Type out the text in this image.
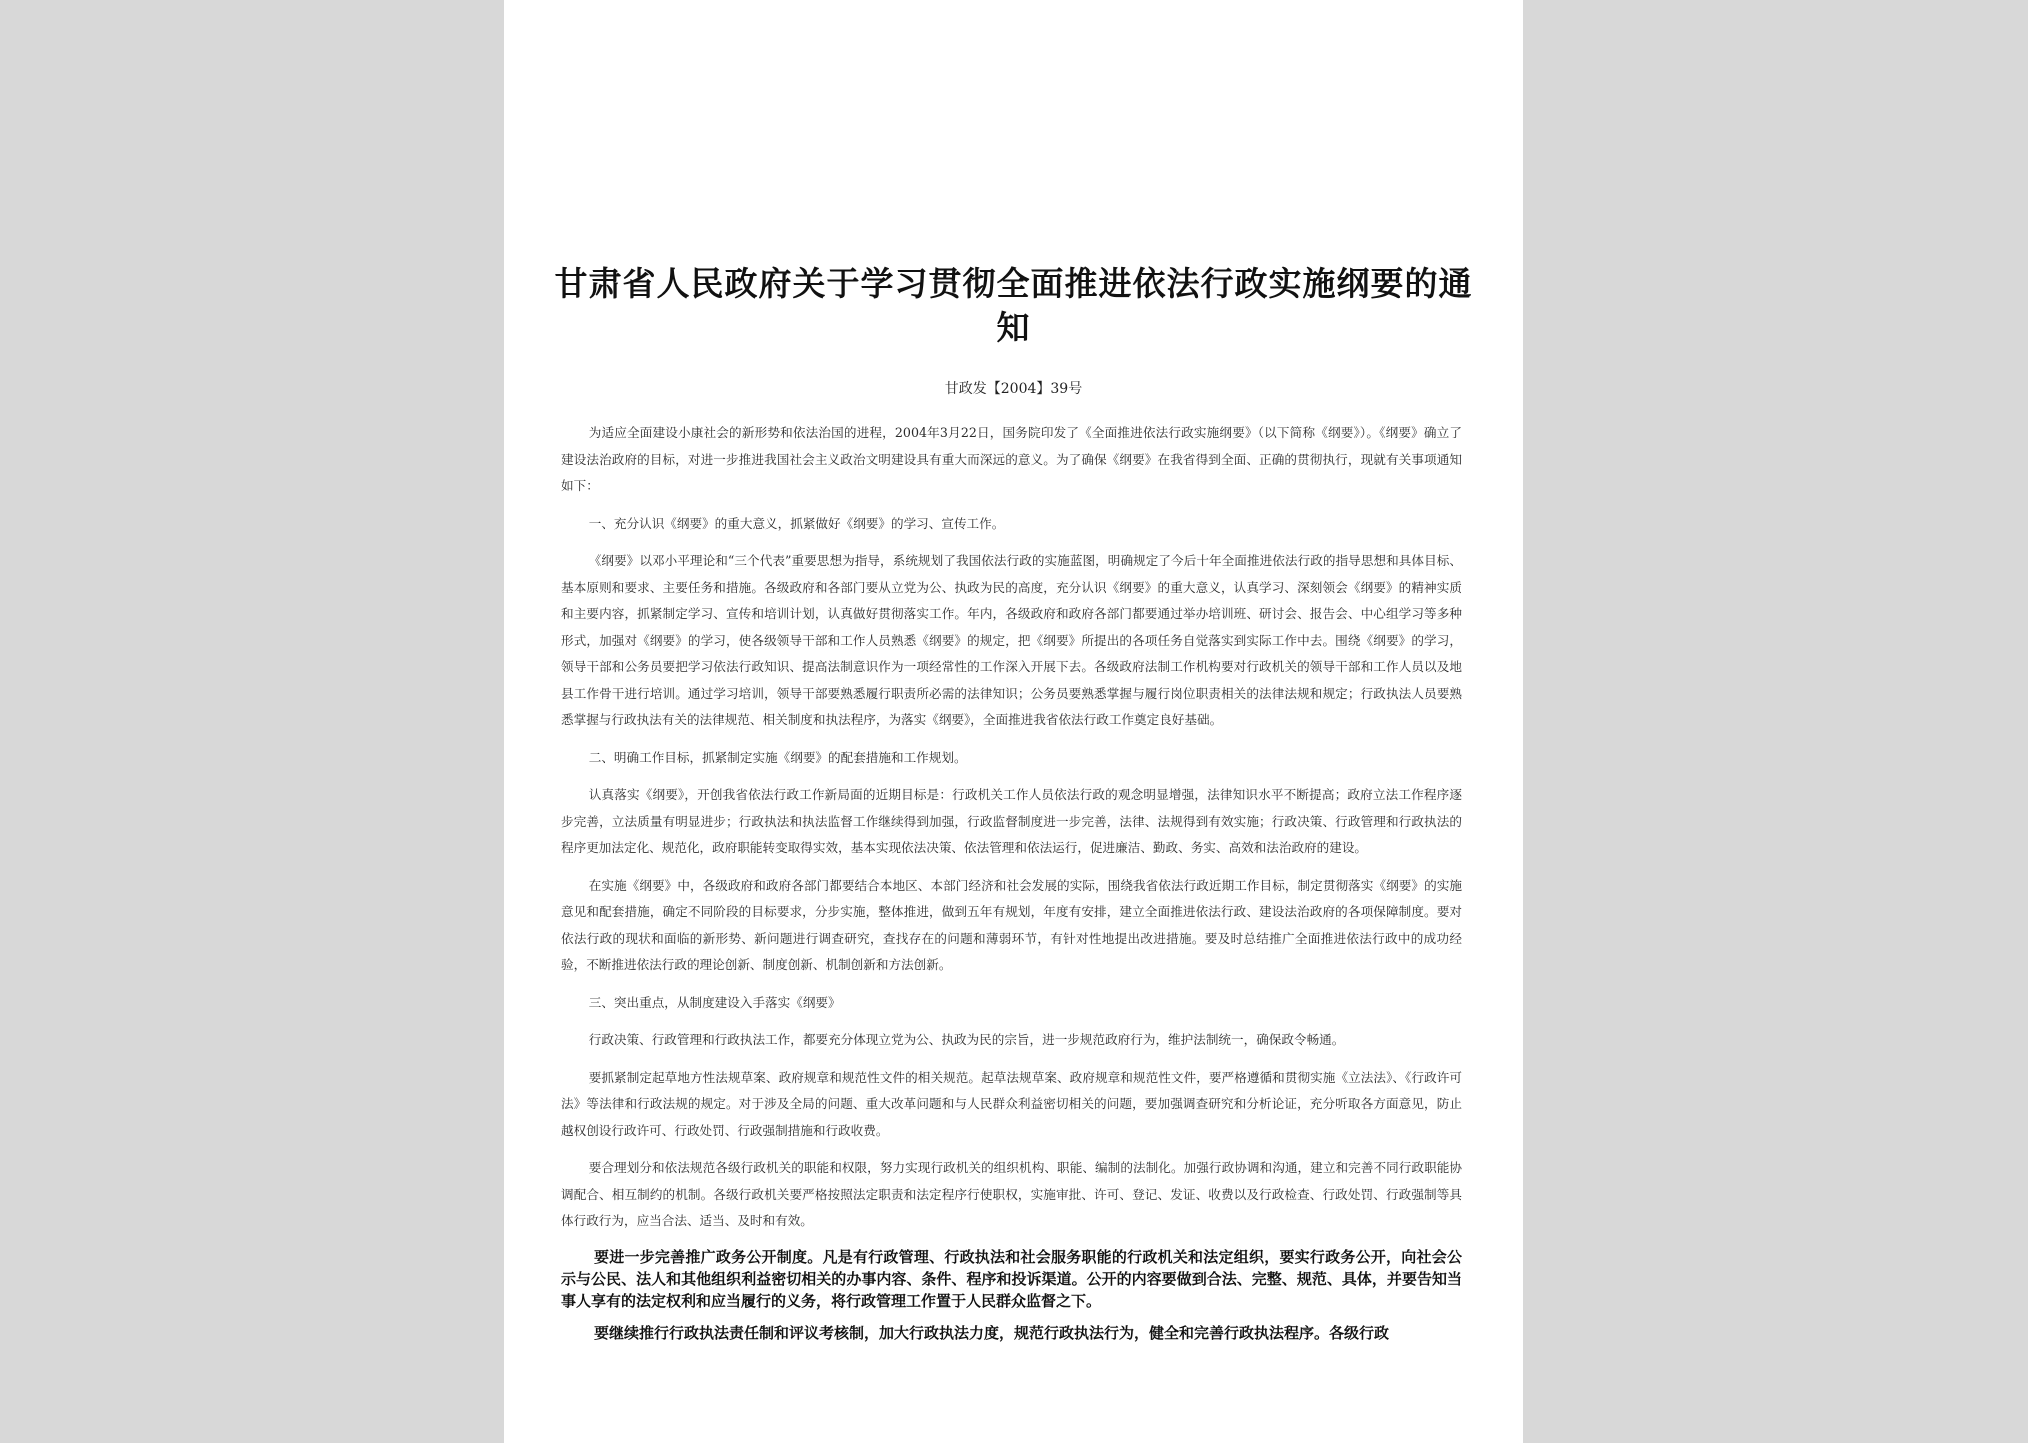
甘肃省人民政府关于学习贯彻全面推进依法行政实施纲要的通知
甘政发【2004】39号

为适应全面建设小康社会的新形势和依法治国的进程，2004年3月22日，国务院印发了《全面推进依法行政实施纲要》（以下简称《纲要》）。《纲要》确立了建设法治政府的目标，对进一步推进我国社会主义政治文明建设具有重大而深远的意义。为了确保《纲要》在我省得到全面、正确的贯彻执行，现就有关事项通知如下：

一、充分认识《纲要》的重大意义，抓紧做好《纲要》的学习、宣传工作。

《纲要》以邓小平理论和“三个代表”重要思想为指导，系统规划了我国依法行政的实施蓝图，明确规定了今后十年全面推进依法行政的指导思想和具体目标、基本原则和要求、主要任务和措施。各级政府和各部门要从立党为公、执政为民的高度，充分认识《纲要》的重大意义，认真学习、深刻领会《纲要》的精神实质和主要内容，抓紧制定学习、宣传和培训计划，认真做好贯彻落实工作。年内，各级政府和政府各部门都要通过举办培训班、研讨会、报告会、中心组学习等多种形式，加强对《纲要》的学习，使各级领导干部和工作人员熟悉《纲要》的规定，把《纲要》所提出的各项任务自觉落实到实际工作中去。围绕《纲要》的学习，领导干部和公务员要把学习依法行政知识、提高法制意识作为一项经常性的工作深入开展下去。各级政府法制工作机构要对行政机关的领导干部和工作人员以及地县工作骨干进行培训。通过学习培训，领导干部要熟悉履行职责所必需的法律知识；公务员要熟悉掌握与履行岗位职责相关的法律法规和规定；行政执法人员要熟悉掌握与行政执法有关的法律规范、相关制度和执法程序，为落实《纲要》，全面推进我省依法行政工作奠定良好基础。

二、明确工作目标，抓紧制定实施《纲要》的配套措施和工作规划。

认真落实《纲要》，开创我省依法行政工作新局面的近期目标是：行政机关工作人员依法行政的观念明显增强，法律知识水平不断提高；政府立法工作程序逐步完善，立法质量有明显进步；行政执法和执法监督工作继续得到加强，行政监督制度进一步完善，法律、法规得到有效实施；行政决策、行政管理和行政执法的程序更加法定化、规范化，政府职能转变取得实效，基本实现依法决策、依法管理和依法运行，促进廉洁、勤政、务实、高效和法治政府的建设。

在实施《纲要》中，各级政府和政府各部门都要结合本地区、本部门经济和社会发展的实际，围绕我省依法行政近期工作目标，制定贯彻落实《纲要》的实施意见和配套措施，确定不同阶段的目标要求，分步实施，整体推进，做到五年有规划，年度有安排，建立全面推进依法行政、建设法治政府的各项保障制度。要对依法行政的现状和面临的新形势、新问题进行调查研究，查找存在的问题和薄弱环节，有针对性地提出改进措施。要及时总结推广全面推进依法行政中的成功经验，不断推进依法行政的理论创新、制度创新、机制创新和方法创新。

三、突出重点，从制度建设入手落实《纲要》

行政决策、行政管理和行政执法工作，都要充分体现立党为公、执政为民的宗旨，进一步规范政府行为，维护法制统一，确保政令畅通。

要抓紧制定起草地方性法规草案、政府规章和规范性文件的相关规范。起草法规草案、政府规章和规范性文件，要严格遵循和贯彻实施《立法法》、《行政许可法》等法律和行政法规的规定。对于涉及全局的问题、重大改革问题和与人民群众利益密切相关的问题，要加强调查研究和分析论证，充分听取各方面意见，防止越权创设行政许可、行政处罚、行政强制措施和行政收费。

要合理划分和依法规范各级行政机关的职能和权限，努力实现行政机关的组织机构、职能、编制的法制化。加强行政协调和沟通，建立和完善不同行政职能协调配合、相互制约的机制。各级行政机关要严格按照法定职责和法定程序行使职权，实施审批、许可、登记、发证、收费以及行政检查、行政处罚、行政强制等具体行政行为，应当合法、适当、及时和有效。

要进一步完善推广政务公开制度。凡是有行政管理、行政执法和社会服务职能的行政机关和法定组织，要实行政务公开，向社会公示与公民、法人和其他组织利益密切相关的办事内容、条件、程序和投诉渠道。公开的内容要做到合法、完整、规范、具体，并要告知当事人享有的法定权利和应当履行的义务，将行政管理工作置于人民群众监督之下。

要继续推行行政执法责任制和评议考核制，加大行政执法力度，规范行政执法行为，健全和完善行政执法程序。各级行政
